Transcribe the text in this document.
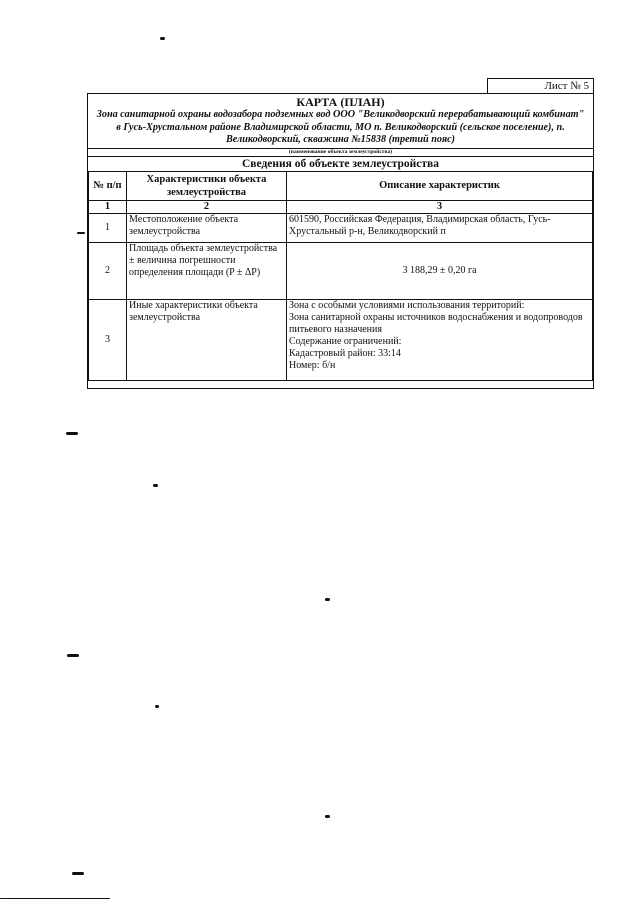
Лист № 5
КАРТА (ПЛАН)
Зона санитарной охраны водозабора подземных вод ООО "Великодворский перерабатывающий комбинат" в Гусь-Хрустальном районе Владимирской области, МО п. Великодворский (сельское поселение), п. Великодворский, скважина №15838 (третий пояс)
(наименование объекта землеустройства)
Сведения об объекте землеустройства
№ п/п	Характеристики объекта землеустройства	Описание характеристик
1	2	3
1	Местоположение объекта землеустройства	601590, Российская Федерация, Владимирская область, Гусь-Хрустальный р-н, Великодворский п

2	Площадь объекта землеустройства ± величина погрешности определения площади (P ± ΔP)	3 188,29 ± 0,20 га

3	Иные характеристики объекта землеустройства	Зона с особыми условиями использования территорий:
Зона санитарной охраны источников водоснабжения и водопроводов питьевого назначения
Содержание ограничений:
Кадастровый район: 33:14
Номер: б/н
